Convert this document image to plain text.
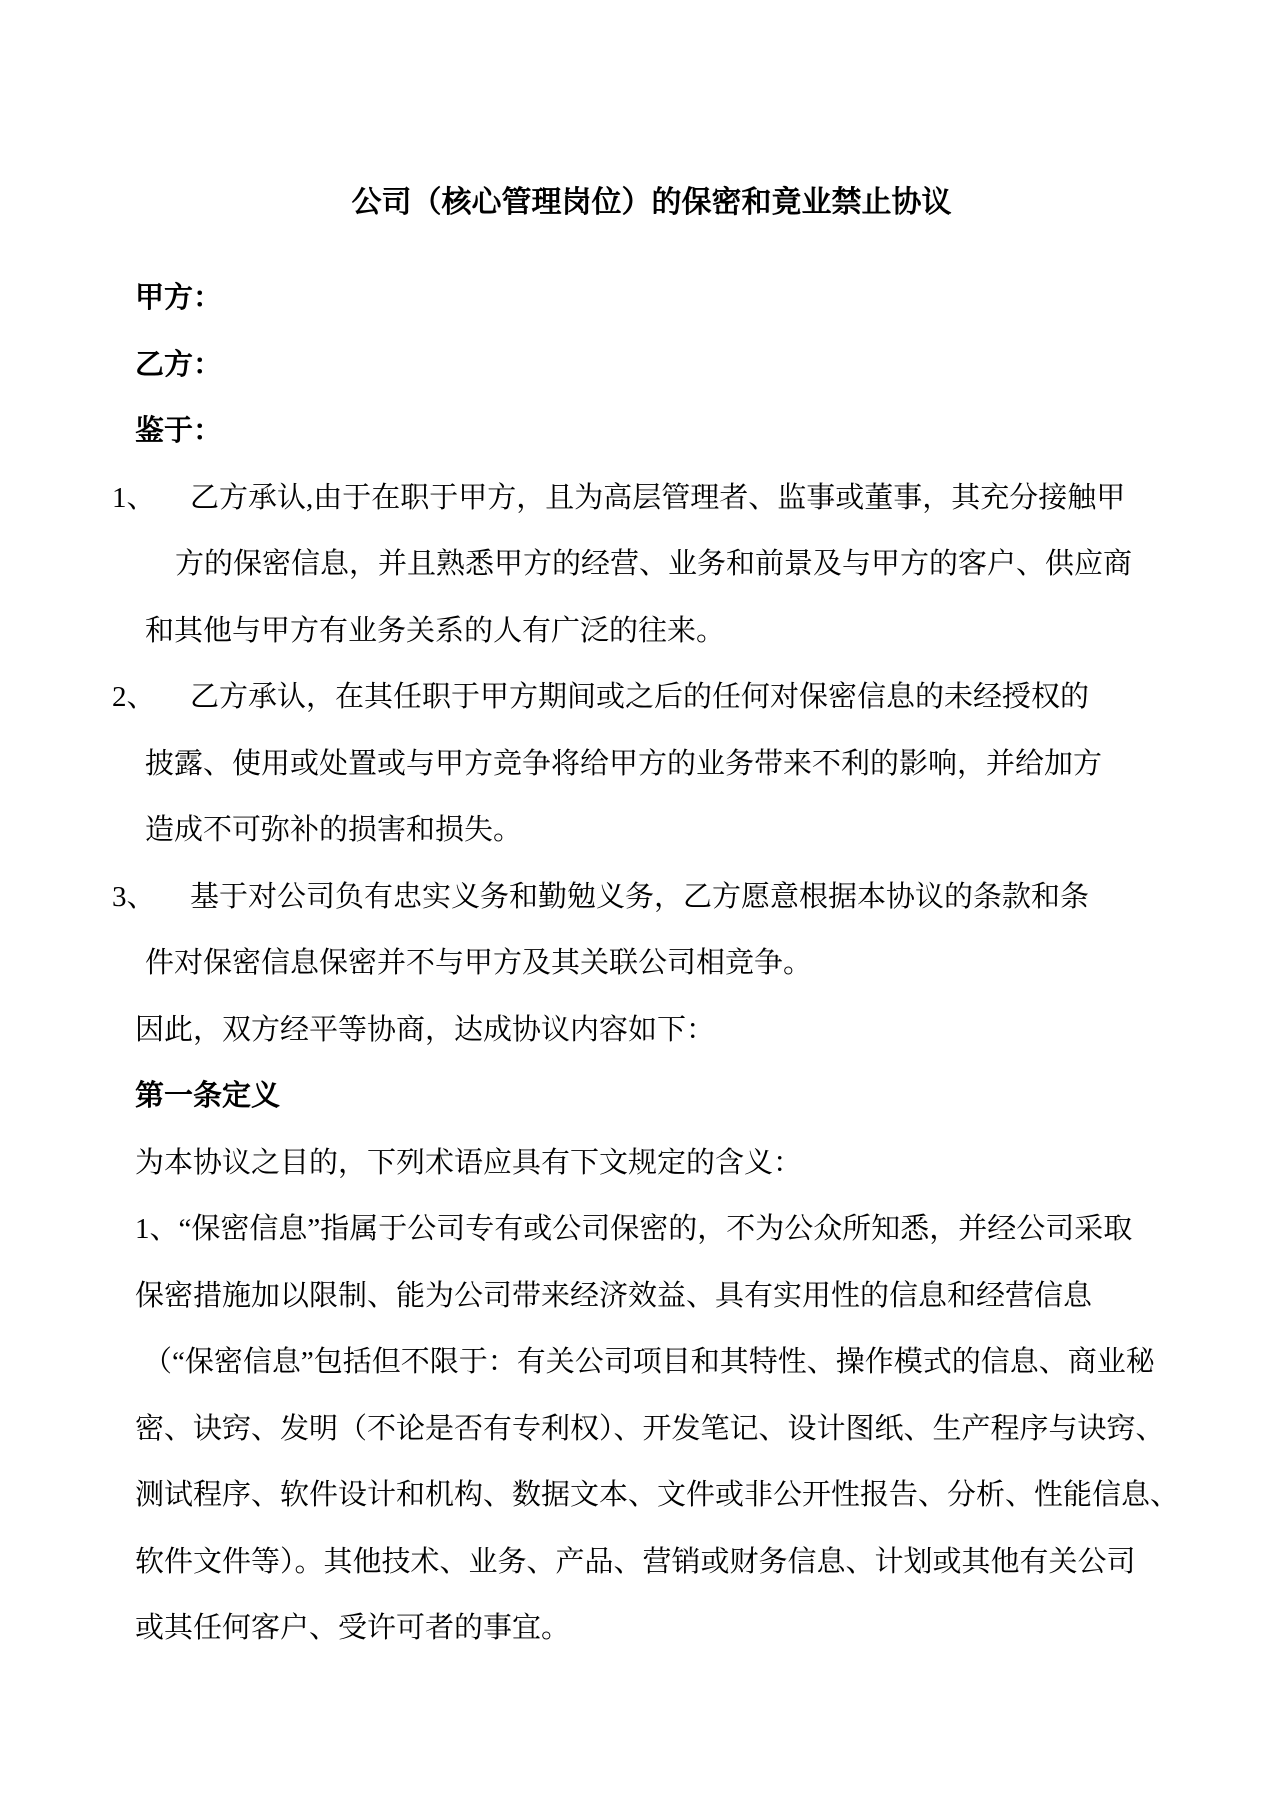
公司（核心管理岗位）的保密和竟业禁止协议
甲方：
乙方：
鉴于：
1、 乙方承认,由于在职于甲方，且为高层管理者、监事或董事，其充分接触甲
方的保密信息，并且熟悉甲方的经营、业务和前景及与甲方的客户、供应商
和其他与甲方有业务关系的人有广泛的往来。
2、 乙方承认，在其任职于甲方期间或之后的任何对保密信息的未经授权的
披露、使用或处置或与甲方竞争将给甲方的业务带来不利的影响，并给加方
造成不可弥补的损害和损失。
3、 基于对公司负有忠实义务和勤勉义务，乙方愿意根据本协议的条款和条
件对保密信息保密并不与甲方及其关联公司相竞争。
因此，双方经平等协商，达成协议内容如下：
第一条定义
为本协议之目的，下列术语应具有下文规定的含义：
1、“保密信息”指属于公司专有或公司保密的，不为公众所知悉，并经公司采取
保密措施加以限制、能为公司带来经济效益、具有实用性的信息和经营信息
（“保密信息”包括但不限于：有关公司项目和其特性、操作模式的信息、商业秘
密、诀窍、发明（不论是否有专利权）、开发笔记、设计图纸、生产程序与诀窍、
测试程序、软件设计和机构、数据文本、文件或非公开性报告、分析、性能信息、
软件文件等）。其他技术、业务、产品、营销或财务信息、计划或其他有关公司
或其任何客户、受许可者的事宜。
